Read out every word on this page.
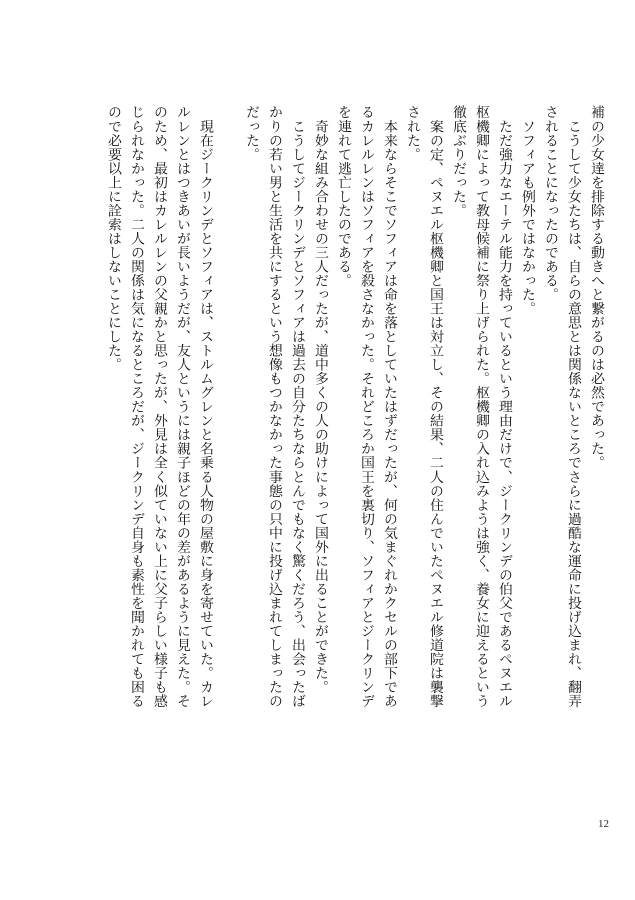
補の少女達を排除する動きへと繋がるのは必然であった。

　こうして少女たちは、自らの意思とは関係ないところでさらに過酷な運命に投げ込まれ、翻弄

されることになったのである。

　ソフィアも例外ではなかった。

　ただ強力なエーテル能力を持っているという理由だけで、ジークリンデの伯父であるペヌエル

枢機卿によって教母候補に祭り上げられた。枢機卿の入れ込みようは強く、養女に迎えるという

徹底ぶりだった。

　案の定、ペヌエル枢機卿と国王は対立し、その結果、二人の住んでいたペヌエル修道院は襲撃

された。

　本来ならそこでソフィアは命を落としていたはずだったが、何の気まぐれかクセルの部下であ

るカレルレンはソフィアを殺さなかった。それどころか国王を裏切り、ソフィアとジークリンデ

を連れて逃亡したのである。

　奇妙な組み合わせの三人だったが、道中多くの人の助けによって国外に出ることができた。

　こうしてジークリンデとソフィアは過去の自分たちならとんでもなく驚くだろう、出会ったば

かりの若い男と生活を共にするという想像もつかなかった事態の只中に投げ込まれてしまったの

だった。

　現在ジークリンデとソフィアは、ストルムグレンと名乗る人物の屋敷に身を寄せていた。カレ

ルレンとはつきあいが長いようだが、友人というには親子ほどの年の差があるように見えた。そ

のため、最初はカレルレンの父親かと思ったが、外見は全く似ていない上に父子らしい様子も感

じられなかった。二人の関係は気になるところだが、ジークリンデ自身も素性を聞かれても困る

ので必要以上に詮索はしないことにした。

12
